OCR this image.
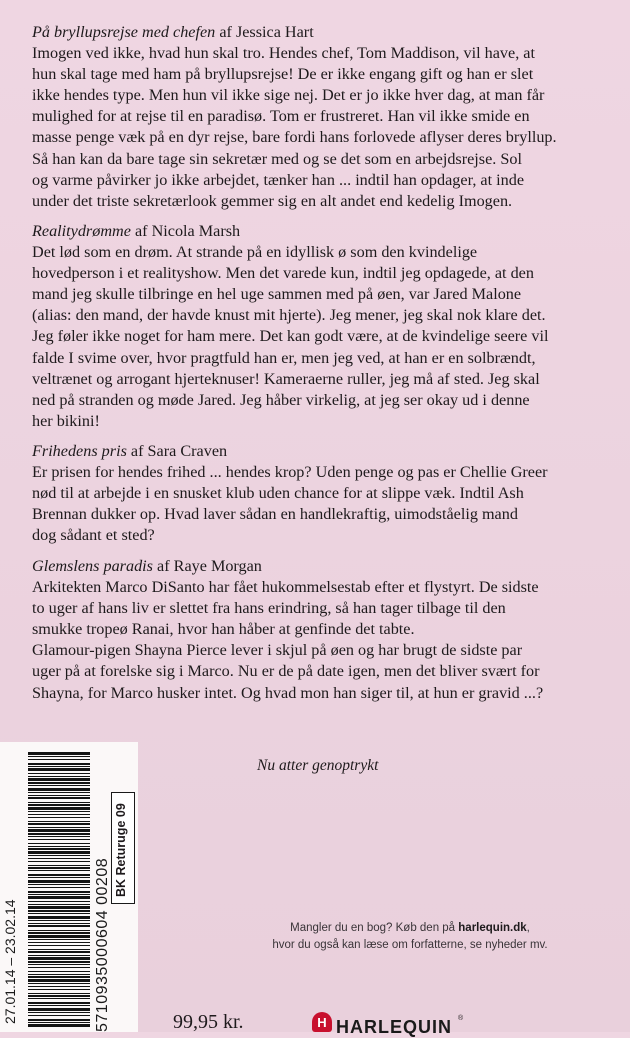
På bryllupsrejse med chefen af Jessica Hart

Imogen ved ikke, hvad hun skal tro. Hendes chef, Tom Maddison, vil have, at
hun skal tage med ham på bryllupsrejse! De er ikke engang gift og han er slet
ikke hendes type. Men hun vil ikke sige nej. Det er jo ikke hver dag, at man får
mulighed for at rejse til en paradisø. Tom er frustreret. Han vil ikke smide en
masse penge væk på en dyr rejse, bare fordi hans forlovede aflyser deres bryllup.
Så han kan da bare tage sin sekretær med og se det som en arbejdsrejse. Sol
og varme påvirker jo ikke arbejdet, tænker han ... indtil han opdager, at inde
under det triste sekretærlook gemmer sig en alt andet end kedelig Imogen.

Realitydrømme af Nicola Marsh

Det lød som en drøm. At strande på en idyllisk ø som den kvindelige
hovedperson i et realityshow. Men det varede kun, indtil jeg opdagede, at den
mand jeg skulle tilbringe en hel uge sammen med på øen, var Jared Malone
(alias: den mand, der havde knust mit hjerte). Jeg mener, jeg skal nok klare det.
Jeg føler ikke noget for ham mere. Det kan godt være, at de kvindelige seere vil
falde I svime over, hvor pragtfuld han er, men jeg ved, at han er en solbrændt,
veltrænet og arrogant hjerteknuser! Kameraerne ruller, jeg må af sted. Jeg skal
ned på stranden og møde Jared. Jeg håber virkelig, at jeg ser okay ud i denne
her bikini!

Frihedens pris af Sara Craven

Er prisen for hendes frihed ... hendes krop? Uden penge og pas er Chellie Greer
nød til at arbejde i en snusket klub uden chance for at slippe væk. Indtil Ash
Brennan dukker op. Hvad laver sådan en handlekraftig, uimodståelig mand
dog sådant et sted?

Glemslens paradis af Raye Morgan

Arkitekten Marco DiSanto har fået hukommelsestab efter et flystyrt. De sidste
to uger af hans liv er slettet fra hans erindring, så han tager tilbage til den
smukke tropeø Ranai, hvor han håber at genfinde det tabte.
Glamour-pigen Shayna Pierce lever i skjul på øen og har brugt de sidste par
uger på at forelske sig i Marco. Nu er de på date igen, men det bliver svært for
Shayna, for Marco husker intet. Og hvad mon han siger til, at hun er gravid ...?

Nu atter genoptrykt
5710935000604 00208
27.01.14 – 23.02.14
BK Returuge 09
Mangler du en bog? Køb den på harlequin.dk,
hvor du også kan læse om forfatterne, se nyheder mv.
99,95 kr.	H HARLEQUIN ®
